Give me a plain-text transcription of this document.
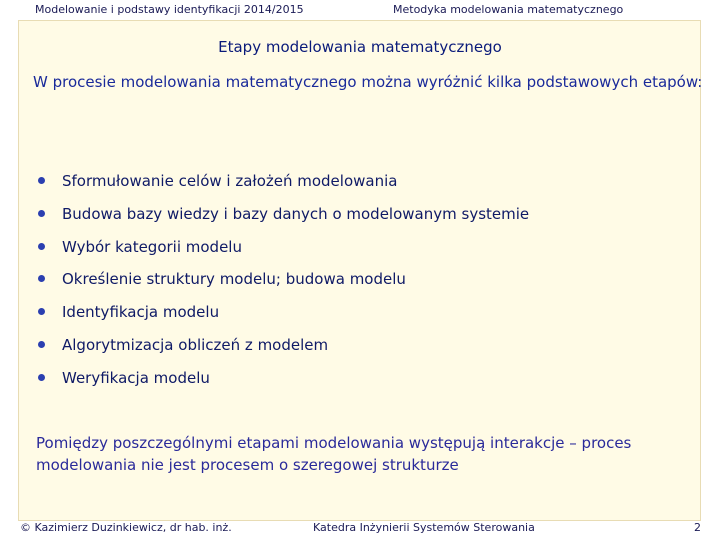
Modelowanie i podstawy identyfikacji 2014/2015	Metodyka modelowania matematycznego
Etapy modelowania matematycznego
W procesie modelowania matematycznego można wyróżnić kilka podstawowych etapów:
Sformułowanie celów i założeń modelowania
Budowa bazy wiedzy i bazy danych o modelowanym systemie
Wybór kategorii modelu
Określenie struktury modelu; budowa modelu
Identyfikacja modelu
Algorytmizacja obliczeń z modelem
Weryfikacja modelu
Pomiędzy poszczególnymi etapami modelowania występują interakcje – proces modelowania nie jest procesem o szeregowej strukturze
© Kazimierz Duzinkiewicz, dr hab. inż.	Katedra Inżynierii Systemów Sterowania	2
